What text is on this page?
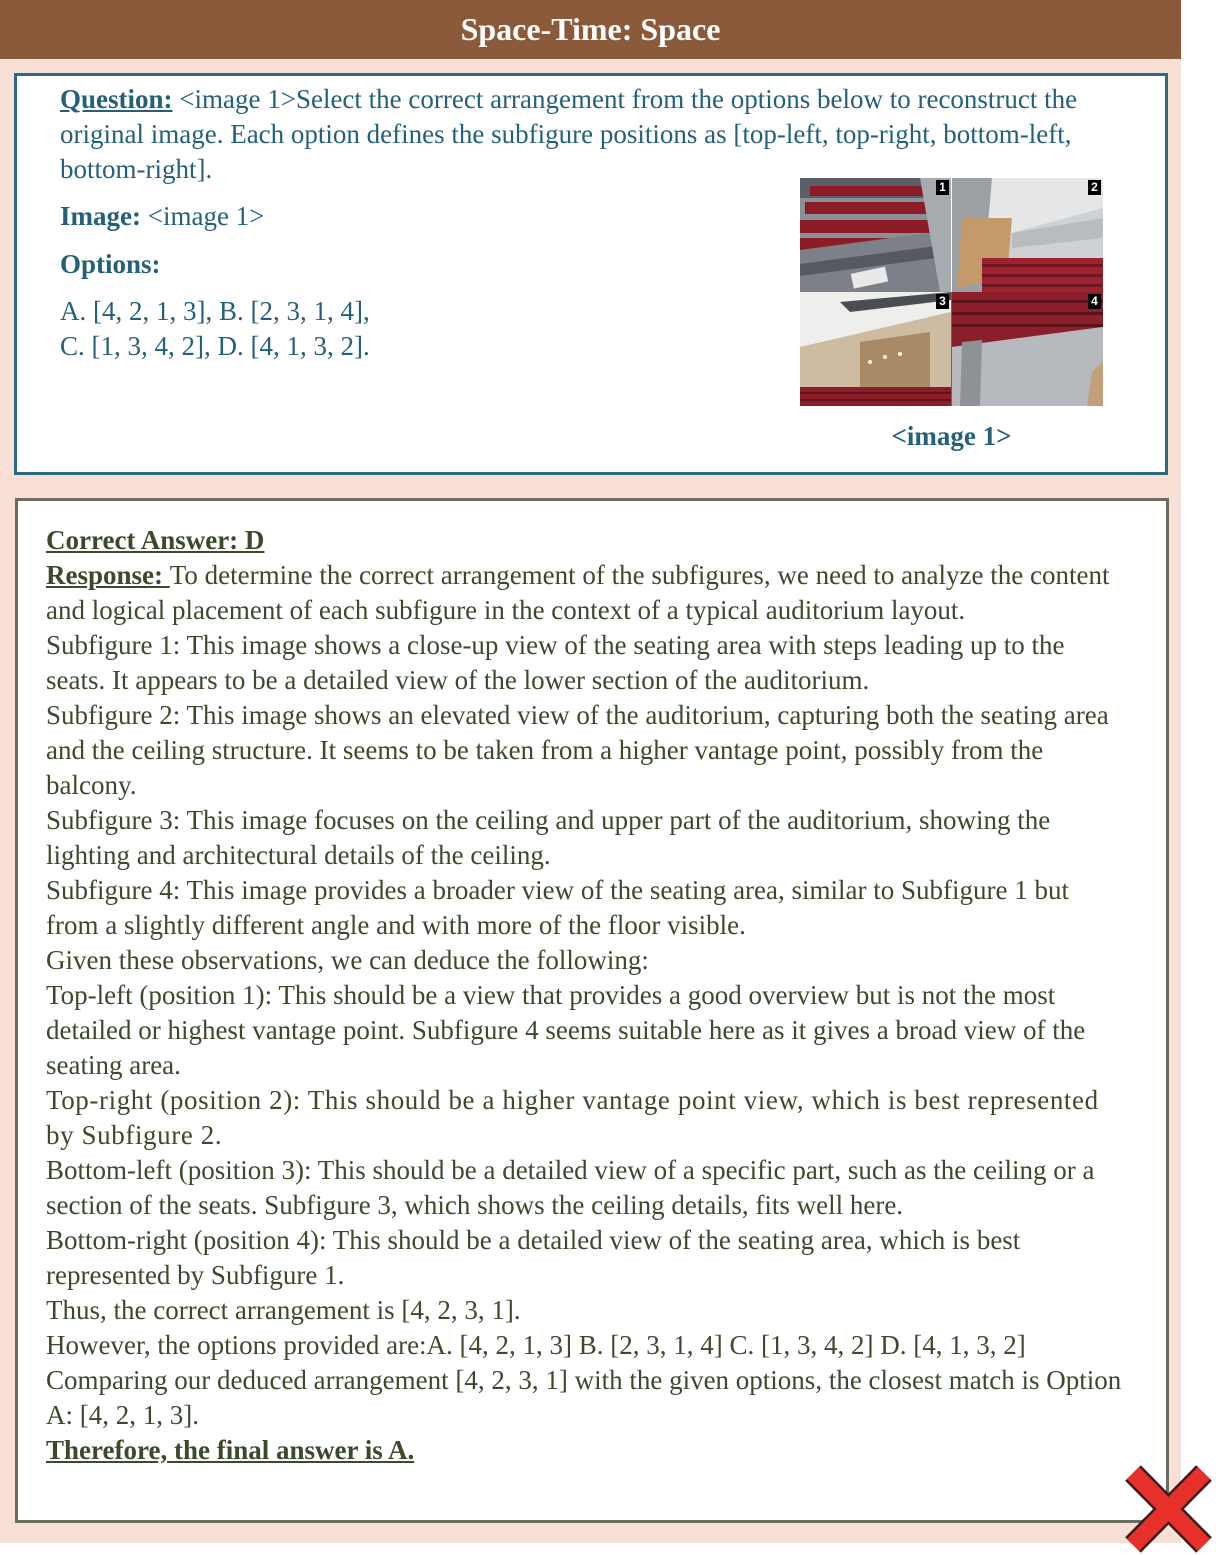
Space-Time: Space

Question: <image 1>Select the correct arrangement from the options below to reconstruct the original image. Each option defines the subfigure positions as [top-left, top-right, bottom-left, bottom-right].

Image: <image 1>

Options:

A. [4, 2, 1, 3], B. [2, 3, 1, 4],
C. [1, 3, 4, 2], D. [4, 1, 3, 2].
1	2
3	4
<image 1>

Correct Answer: D

Response: To determine the correct arrangement of the subfigures, we need to analyze the content and logical placement of each subfigure in the context of a typical auditorium layout.

Subfigure 1: This image shows a close-up view of the seating area with steps leading up to the seats. It appears to be a detailed view of the lower section of the auditorium.

Subfigure 2: This image shows an elevated view of the auditorium, capturing both the seating area and the ceiling structure. It seems to be taken from a higher vantage point, possibly from the balcony.

Subfigure 3: This image focuses on the ceiling and upper part of the auditorium, showing the lighting and architectural details of the ceiling.

Subfigure 4: This image provides a broader view of the seating area, similar to Subfigure 1 but from a slightly different angle and with more of the floor visible.

Given these observations, we can deduce the following:

Top-left (position 1): This should be a view that provides a good overview but is not the most detailed or highest vantage point. Subfigure 4 seems suitable here as it gives a broad view of the seating area.

Top-right (position 2): This should be a higher vantage point view, which is best represented by Subfigure 2.

Bottom-left (position 3): This should be a detailed view of a specific part, such as the ceiling or a section of the seats. Subfigure 3, which shows the ceiling details, fits well here.

Bottom-right (position 4): This should be a detailed view of the seating area, which is best represented by Subfigure 1.

Thus, the correct arrangement is [4, 2, 3, 1].

However, the options provided are:A. [4, 2, 1, 3] B. [2, 3, 1, 4] C. [1, 3, 4, 2] D. [4, 1, 3, 2]

Comparing our deduced arrangement [4, 2, 3, 1] with the given options, the closest match is Option A: [4, 2, 1, 3].

Therefore, the final answer is A.
